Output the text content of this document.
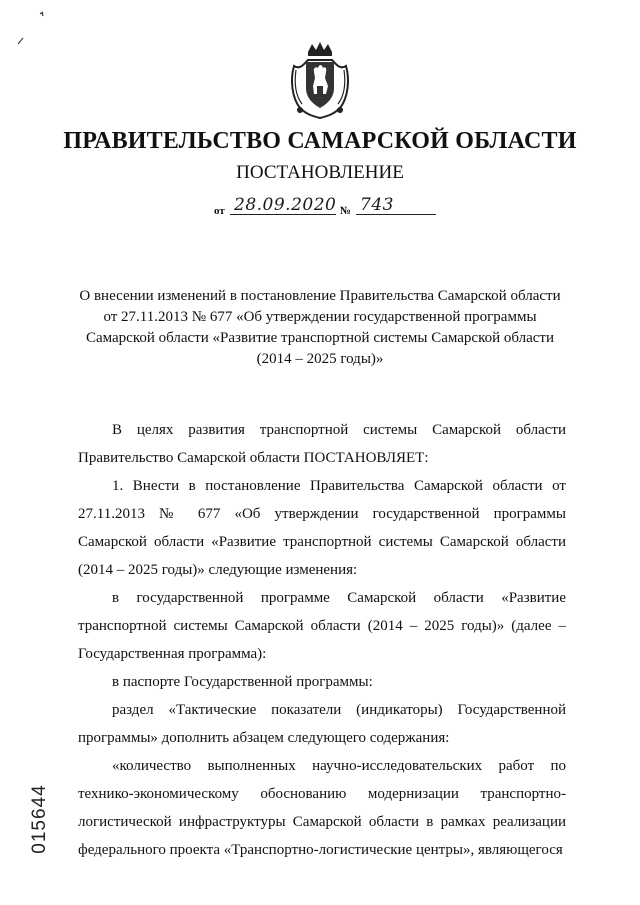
ПРАВИТЕЛЬСТВО САМАРСКОЙ ОБЛАСТИ
ПОСТАНОВЛЕНИЕ
от 28.09.2020 № 743
О внесении изменений в постановление Правительства Самарской области
от 27.11.2013 № 677 «Об утверждении государственной программы
Самарской области «Развитие транспортной системы Самарской области
(2014 – 2025 годы)»

В целях развития транспортной системы Самарской области Правительство Самарской области ПОСТАНОВЛЯЕТ:

1. Внести в постановление Правительства Самарской области от 27.11.2013 № 677 «Об утверждении государственной программы Самарской области «Развитие транспортной системы Самарской области (2014 – 2025 годы)» следующие изменения:

в государственной программе Самарской области «Развитие транспортной системы Самарской области (2014 – 2025 годы)» (далее – Государственная программа):

в паспорте Государственной программы:

раздел «Тактические показатели (индикаторы) Государственной программы» дополнить абзацем следующего содержания:

«количество выполненных научно-исследовательских работ по технико-экономическому обоснованию модернизации транспортно-логистической инфраструктуры Самарской области в рамках реализации федерального проекта «Транспортно-логистические центры», являющегося

015644
